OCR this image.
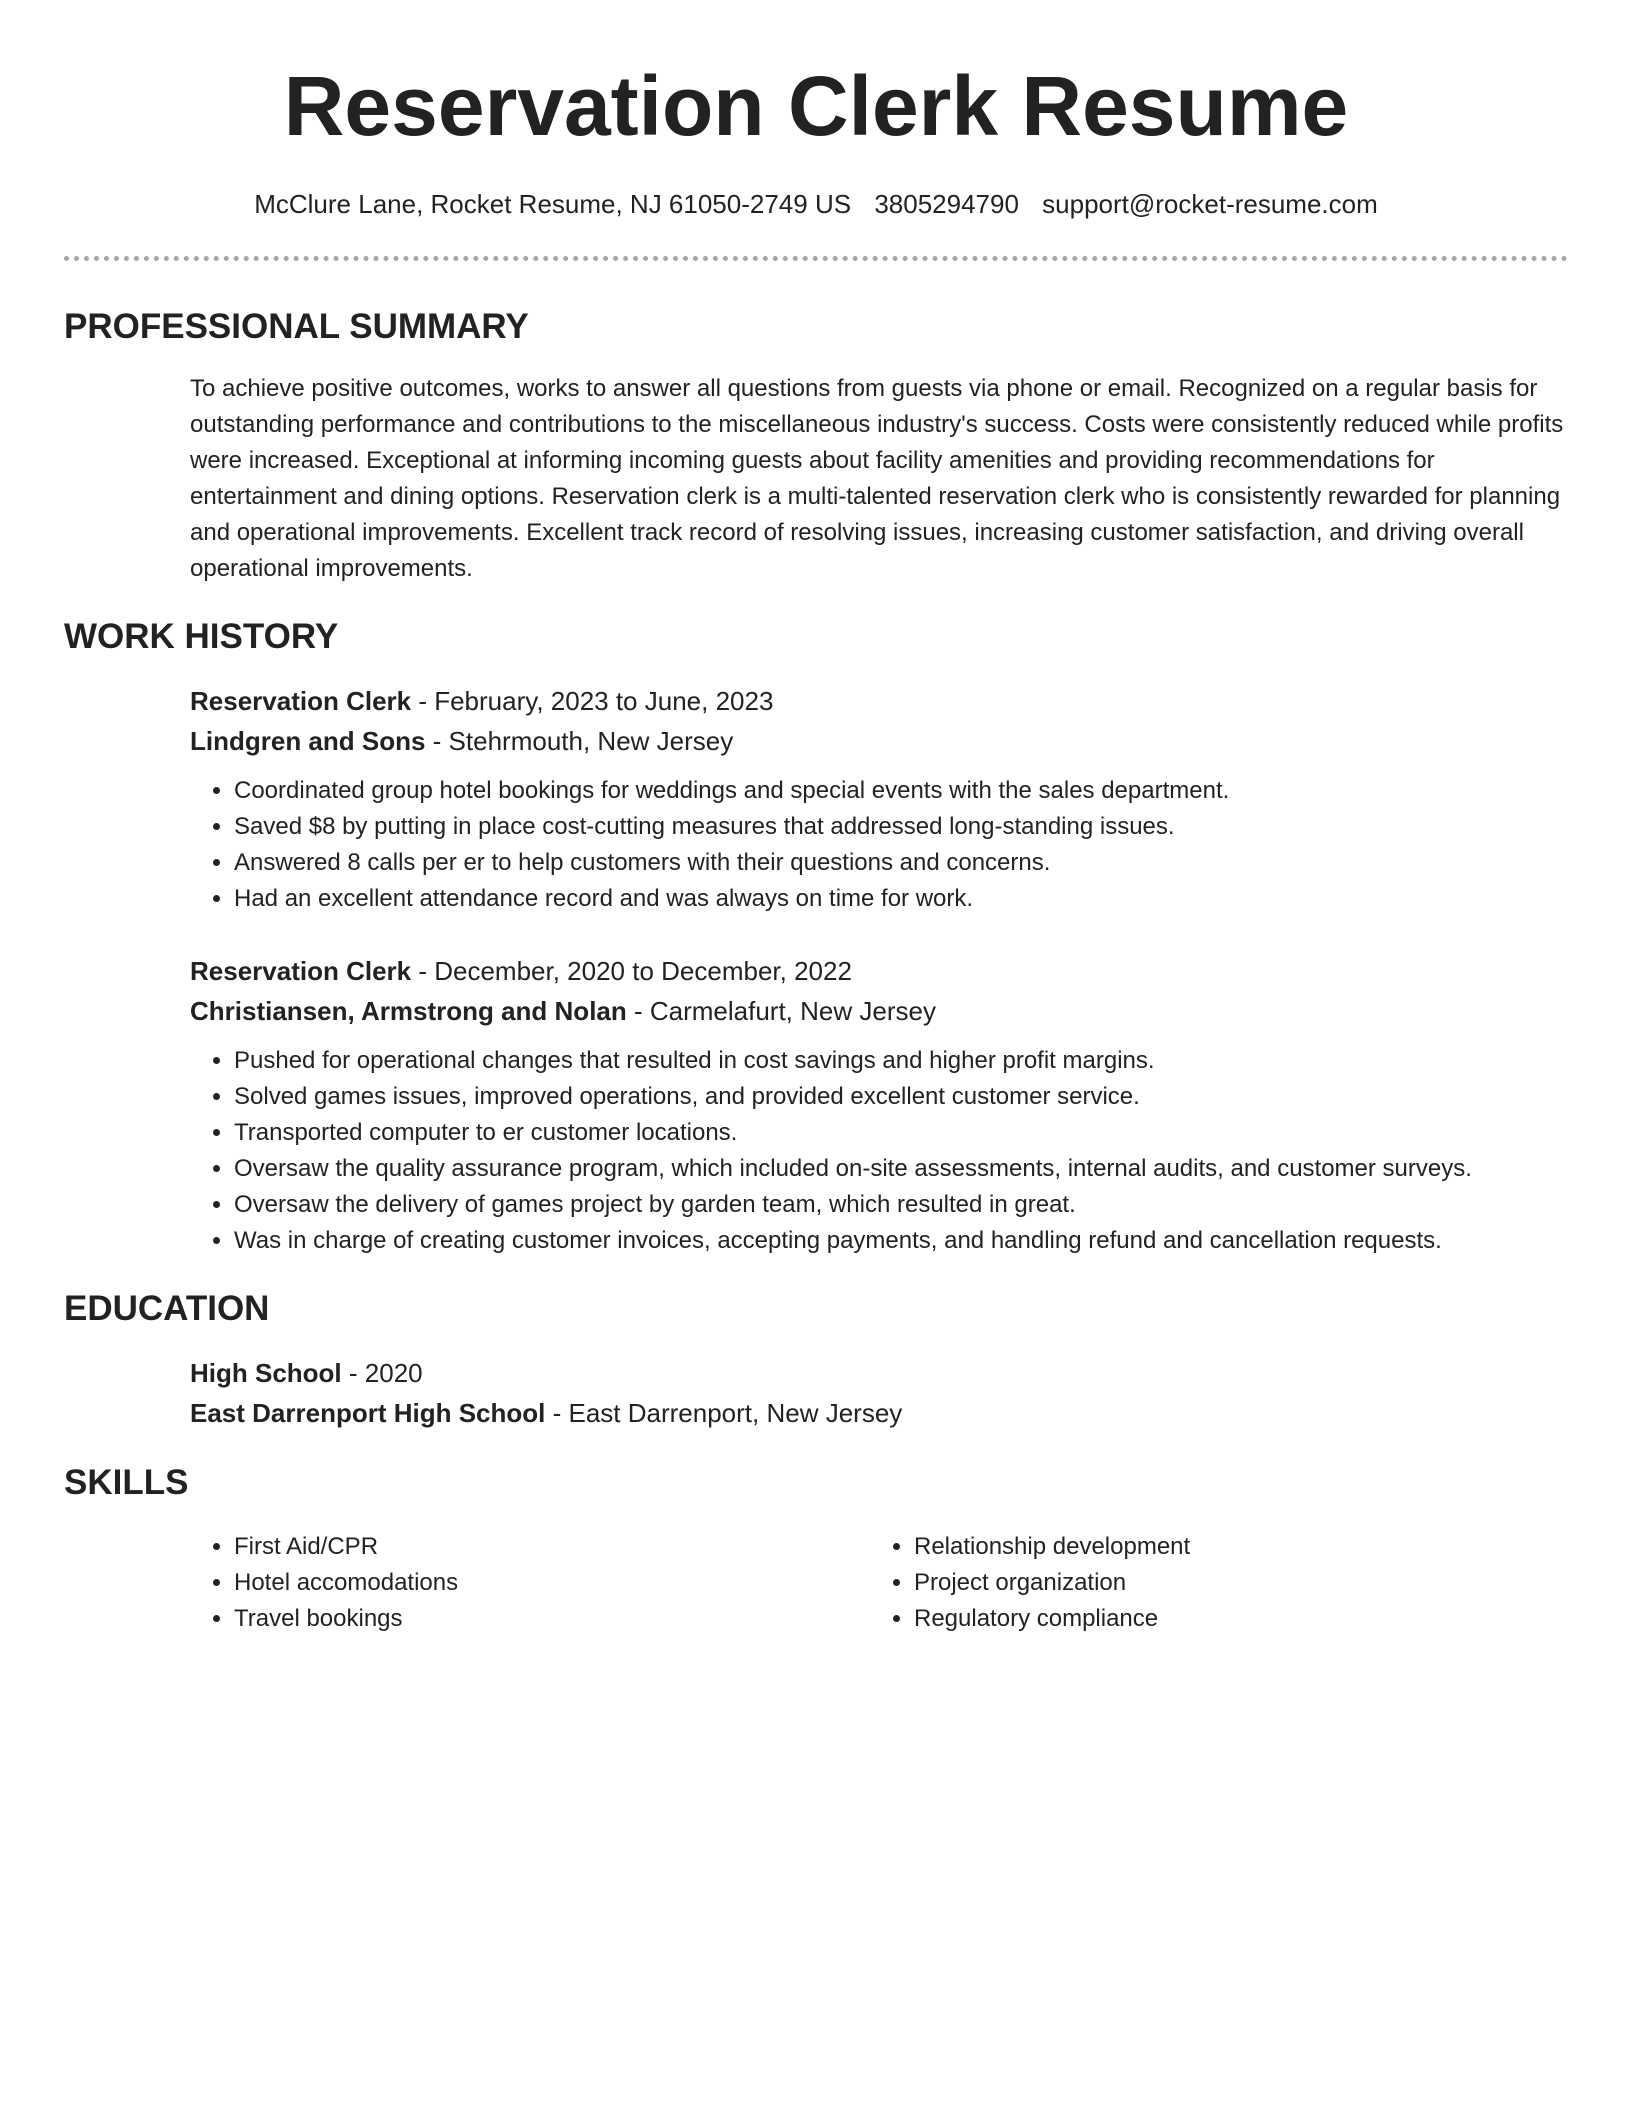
Reservation Clerk Resume
McClure Lane, Rocket Resume, NJ 61050-2749 US 3805294790 support@rocket-resume.com
PROFESSIONAL SUMMARY
To achieve positive outcomes, works to answer all questions from guests via phone or email. Recognized on a regular basis for outstanding performance and contributions to the miscellaneous industry's success. Costs were consistently reduced while profits were increased. Exceptional at informing incoming guests about facility amenities and providing recommendations for entertainment and dining options. Reservation clerk is a multi-talented reservation clerk who is consistently rewarded for planning and operational improvements. Excellent track record of resolving issues, increasing customer satisfaction, and driving overall operational improvements.
WORK HISTORY
Reservation Clerk - February, 2023 to June, 2023
Lindgren and Sons - Stehrmouth, New Jersey
• Coordinated group hotel bookings for weddings and special events with the sales department.
• Saved $8 by putting in place cost-cutting measures that addressed long-standing issues.
• Answered 8 calls per er to help customers with their questions and concerns.
• Had an excellent attendance record and was always on time for work.
Reservation Clerk - December, 2020 to December, 2022
Christiansen, Armstrong and Nolan - Carmelafurt, New Jersey
• Pushed for operational changes that resulted in cost savings and higher profit margins.
• Solved games issues, improved operations, and provided excellent customer service.
• Transported computer to er customer locations.
• Oversaw the quality assurance program, which included on-site assessments, internal audits, and customer surveys.
• Oversaw the delivery of games project by garden team, which resulted in great.
• Was in charge of creating customer invoices, accepting payments, and handling refund and cancellation requests.
EDUCATION
High School - 2020
East Darrenport High School - East Darrenport, New Jersey
SKILLS
• First Aid/CPR
• Hotel accomodations
• Travel bookings
• Relationship development
• Project organization
• Regulatory compliance
